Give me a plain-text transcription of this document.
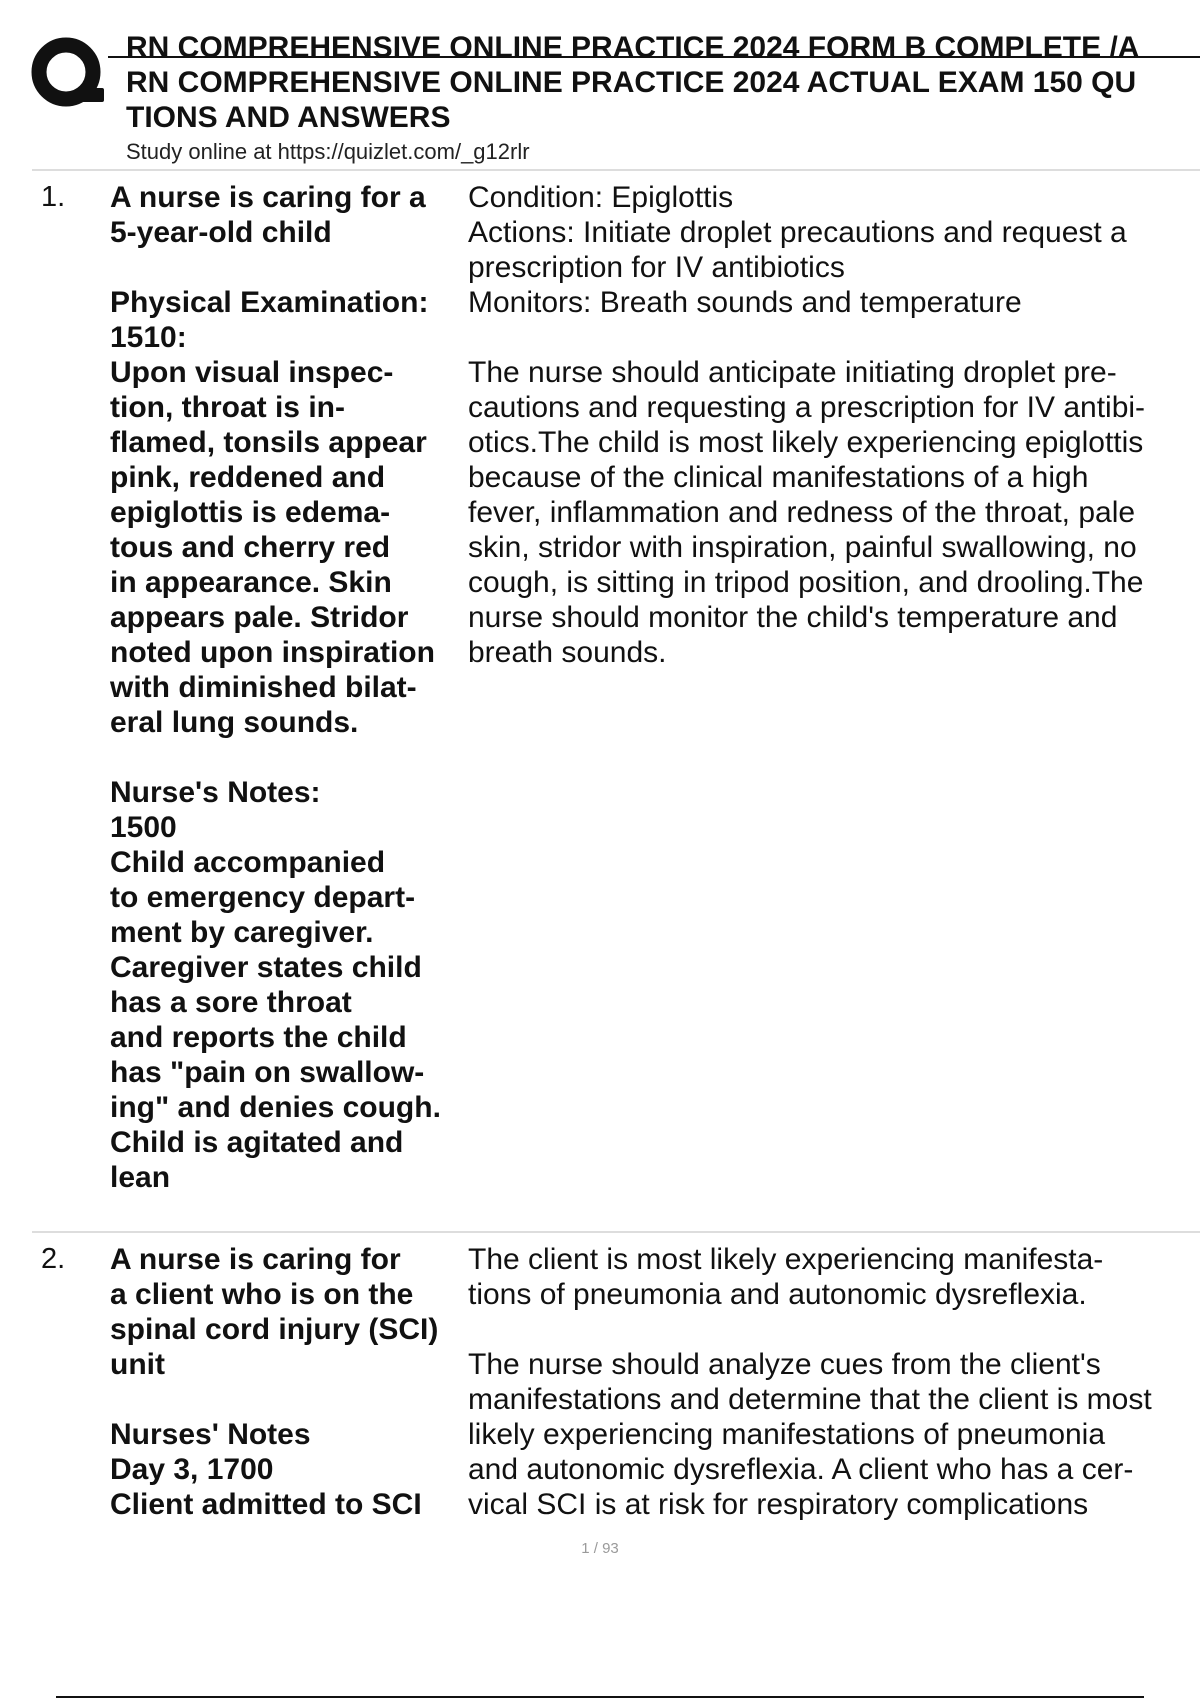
RN COMPREHENSIVE ONLINE PRACTICE 2024 FORM B COMPLETE /A
RN COMPREHENSIVE ONLINE PRACTICE 2024 ACTUAL EXAM 150 QU
TIONS AND ANSWERS
Study online at https://quizlet.com/_g12rlr
1. A nurse is caring for a
5-year-old child

Physical Examination:
1510:
Upon visual inspec-
tion, throat is in-
flamed, tonsils appear
pink, reddened and
epiglottis is edema-
tous and cherry red
in appearance. Skin
appears pale. Stridor
noted upon inspiration
with diminished bilat-
eral lung sounds.

Nurse's Notes:
1500
Child accompanied
to emergency depart-
ment by caregiver.
Caregiver states child
has a sore throat
and reports the child
has "pain on swallow-
ing" and denies cough.
Child is agitated and
lean
Condition: Epiglottis
Actions: Initiate droplet precautions and request a
prescription for IV antibiotics
Monitors: Breath sounds and temperature

The nurse should anticipate initiating droplet pre-
cautions and requesting a prescription for IV antibi-
otics.The child is most likely experiencing epiglottis
because of the clinical manifestations of a high
fever, inflammation and redness of the throat, pale
skin, stridor with inspiration, painful swallowing, no
cough, is sitting in tripod position, and drooling.The
nurse should monitor the child's temperature and
breath sounds.
2. A nurse is caring for
a client who is on the
spinal cord injury (SCI)
unit

Nurses' Notes
Day 3, 1700
Client admitted to SCI
The client is most likely experiencing manifesta-
tions of pneumonia and autonomic dysreflexia.

The nurse should analyze cues from the client's
manifestations and determine that the client is most
likely experiencing manifestations of pneumonia
and autonomic dysreflexia. A client who has a cer-
vical SCI is at risk for respiratory complications
1 / 93
